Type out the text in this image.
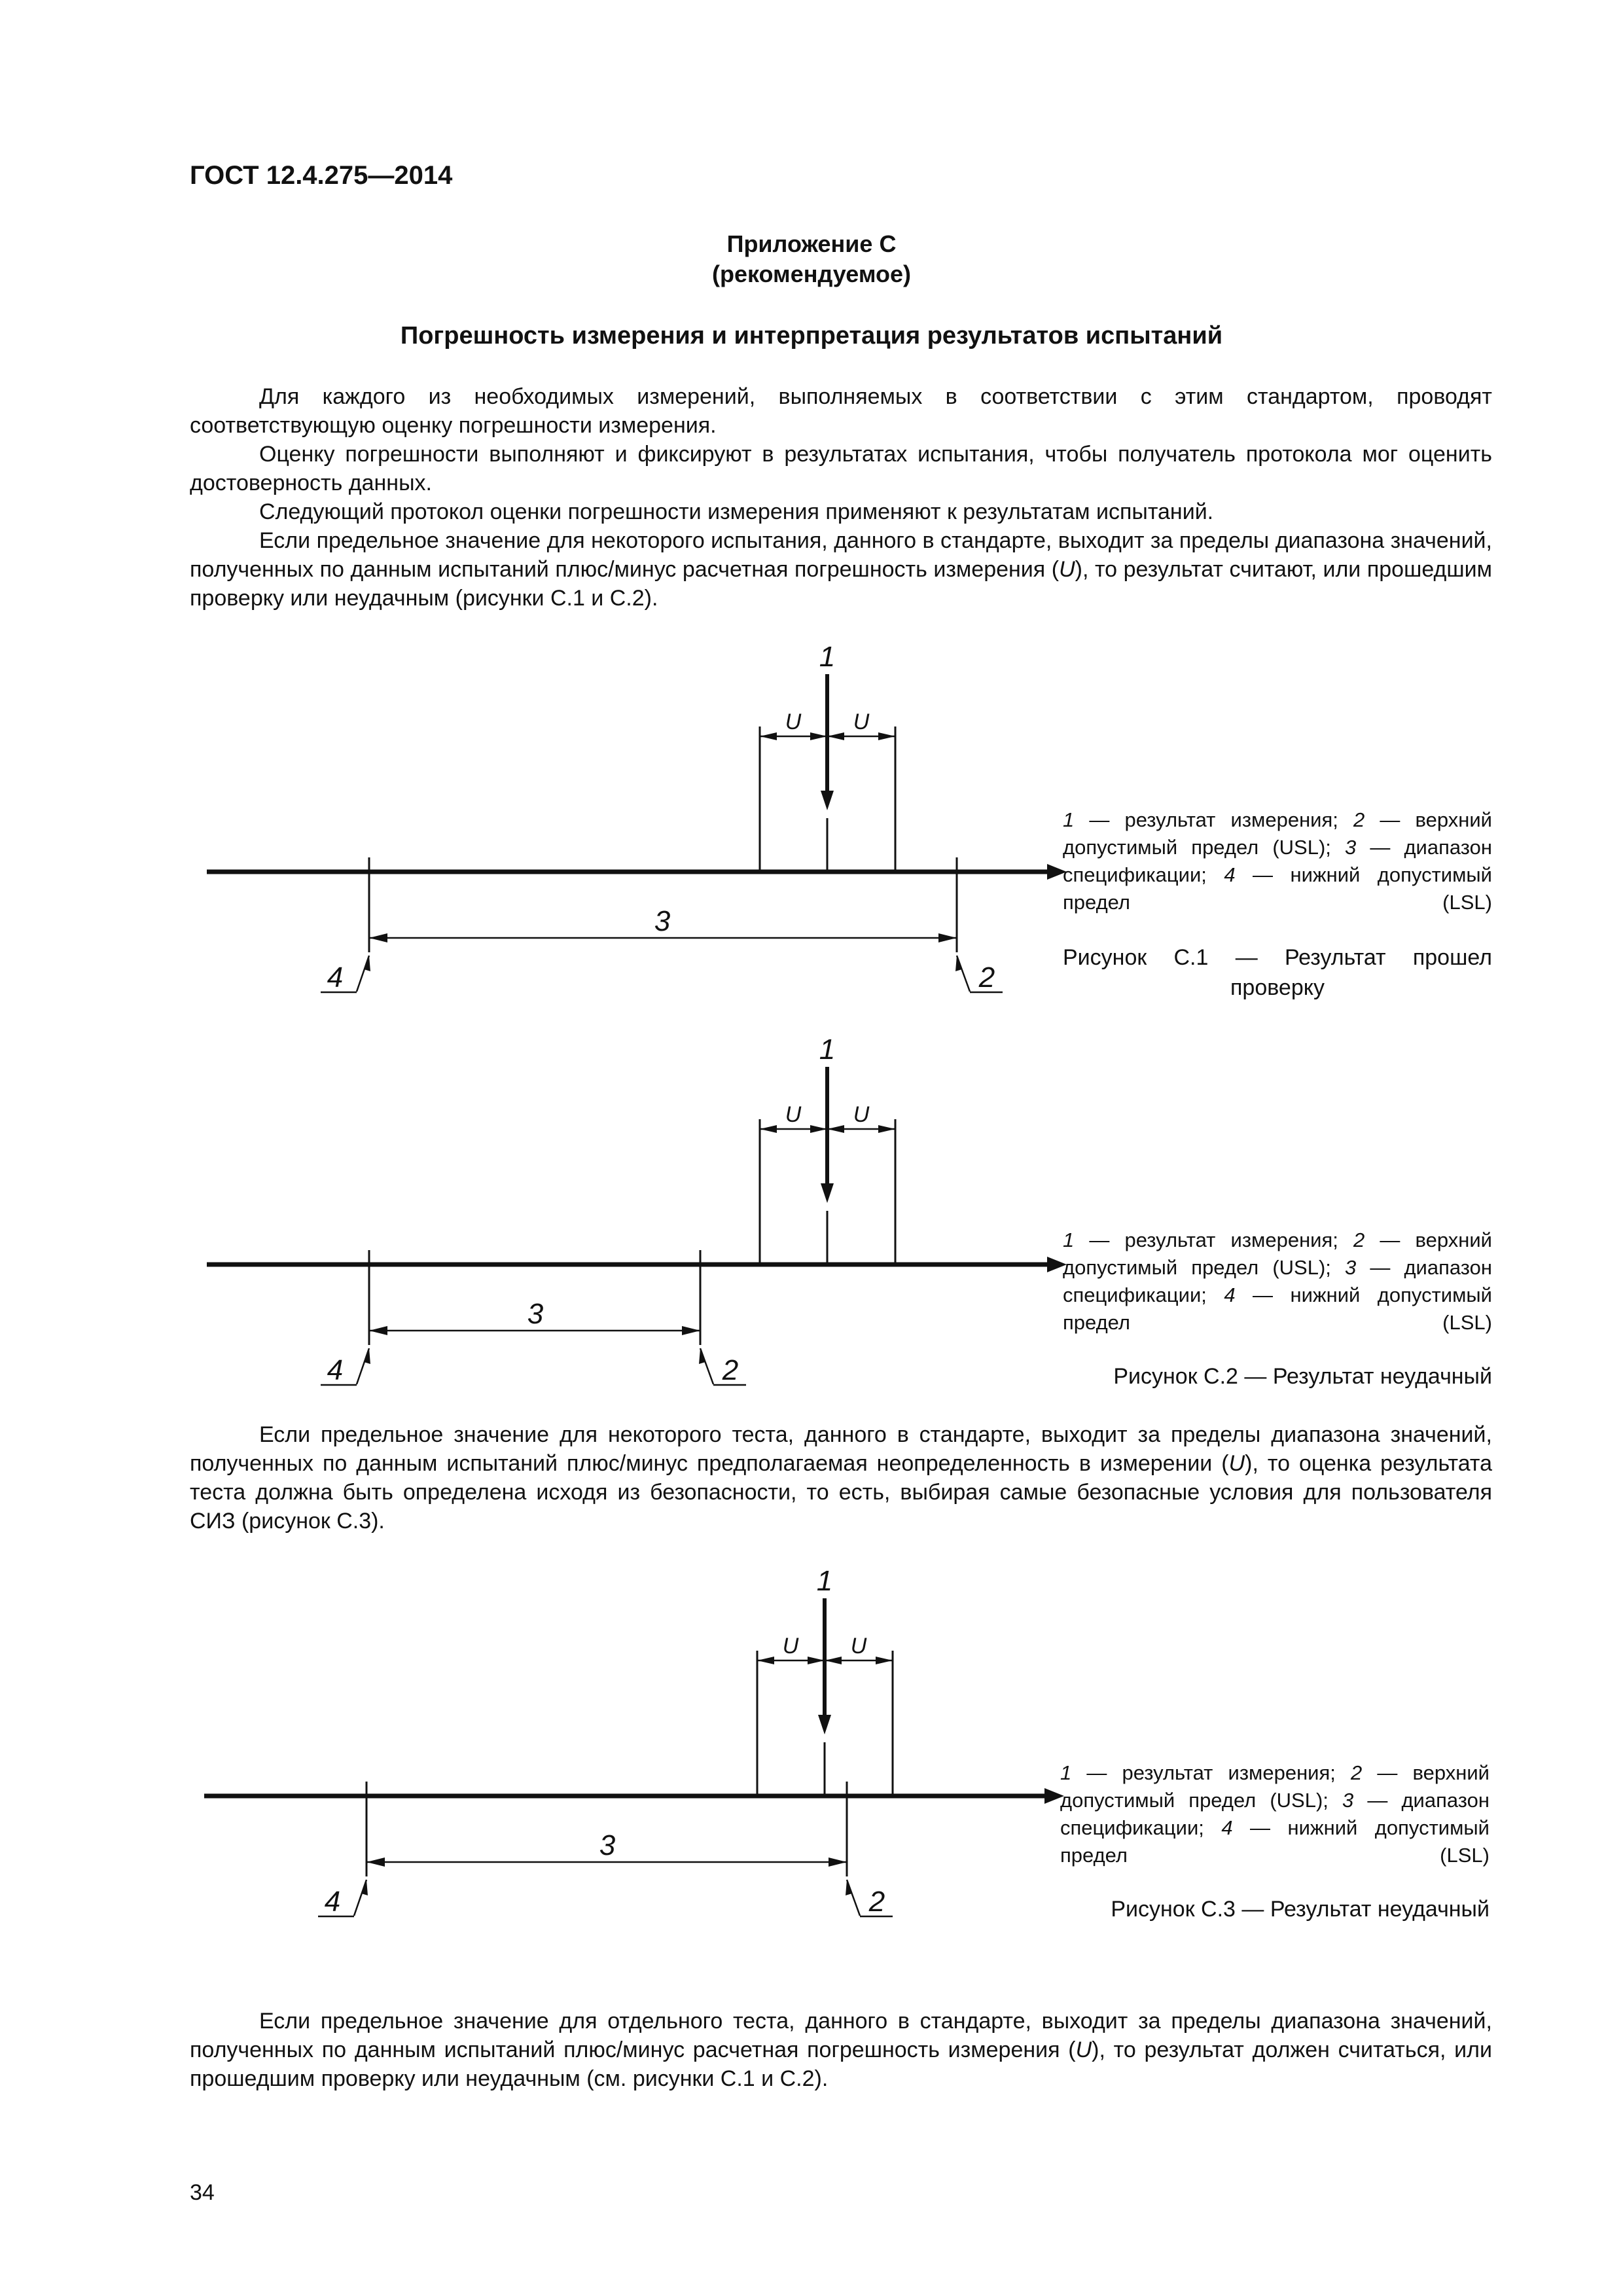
ГОСТ 12.4.275—2014
Приложение С
(рекомендуемое)
Погрешность измерения и интерпретация результатов испытаний

Для каждого из необходимых измерений, выполняемых в соответствии с этим стандартом, проводят соответствующую оценку погрешности измерения.

Оценку погрешности выполняют и фиксируют в результатах испытания, чтобы получатель протокола мог оценить достоверность данных.

Следующий протокол оценки погрешности измерения применяют к результатам испытаний.

Если предельное значение для некоторого испытания, данного в стандарте, выходит за пределы диапазона значений, полученных по данным испытаний плюс/минус расчетная погрешность измерения (U), то результат считают, или прошедшим проверку или неудачным (рисунки С.1 и С.2).

1
U U
3
4	2
1 — результат измерения; 2 — верхний допустимый предел (USL); 3 — диапазон спецификации; 4 — нижний допустимый предел (LSL)
Рисунок С.1 — Результат прошел проверку
1
U U
3
4	2
1 — результат измерения; 2 — верхний допустимый предел (USL); 3 — диапазон спецификации; 4 — нижний допустимый предел (LSL)
Рисунок С.2 — Результат неудачный

Если предельное значение для некоторого теста, данного в стандарте, выходит за пределы диапазона значений, полученных по данным испытаний плюс/минус предполагаемая неопределенность в измерении (U), то оценка результата теста должна быть определена исходя из безопасности, то есть, выбирая самые безопасные условия для пользователя СИЗ (рисунок С.3).

1
U U
3
4	2
1 — результат измерения; 2 — верхний допустимый предел (USL); 3 — диапазон спецификации; 4 — нижний допустимый предел (LSL)
Рисунок С.3 — Результат неудачный

Если предельное значение для отдельного теста, данного в стандарте, выходит за пределы диапазона значений, полученных по данным испытаний плюс/минус расчетная погрешность измерения (U), то результат должен считаться, или прошедшим проверку или неудачным (см. рисунки С.1 и С.2).

34
